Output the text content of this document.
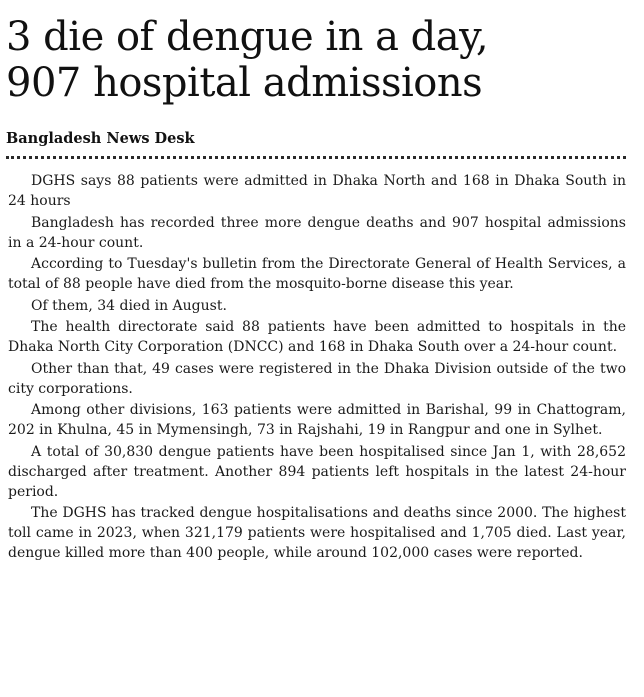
3 die of dengue in a day,
907 hospital admissions
Bangladesh News Desk

DGHS says 88 patients were admitted in Dhaka North and 168 in Dhaka South in 24 hours

Bangladesh has recorded three more dengue deaths and 907 hospital admissions in a 24-hour count.

According to Tuesday's bulletin from the Directorate General of Health Services, a total of 88 people have died from the mosquito-borne disease this year.

Of them, 34 died in August.

The health directorate said 88 patients have been admitted to hospitals in the Dhaka North City Corporation (DNCC) and 168 in Dhaka South over a 24-hour count.

Other than that, 49 cases were registered in the Dhaka Division outside of the two city corporations.

Among other divisions, 163 patients were admitted in Barishal, 99 in Chattogram, 202 in Khulna, 45 in Mymensingh, 73 in Rajshahi, 19 in Rangpur and one in Sylhet.

A total of 30,830 dengue patients have been hospitalised since Jan 1, with 28,652 discharged after treatment. Another 894 patients left hospitals in the latest 24-hour period.

The DGHS has tracked dengue hospitalisations and deaths since 2000. The highest toll came in 2023, when 321,179 patients were hospitalised and 1,705 died. Last year, dengue killed more than 400 people, while around 102,000 cases were reported.
